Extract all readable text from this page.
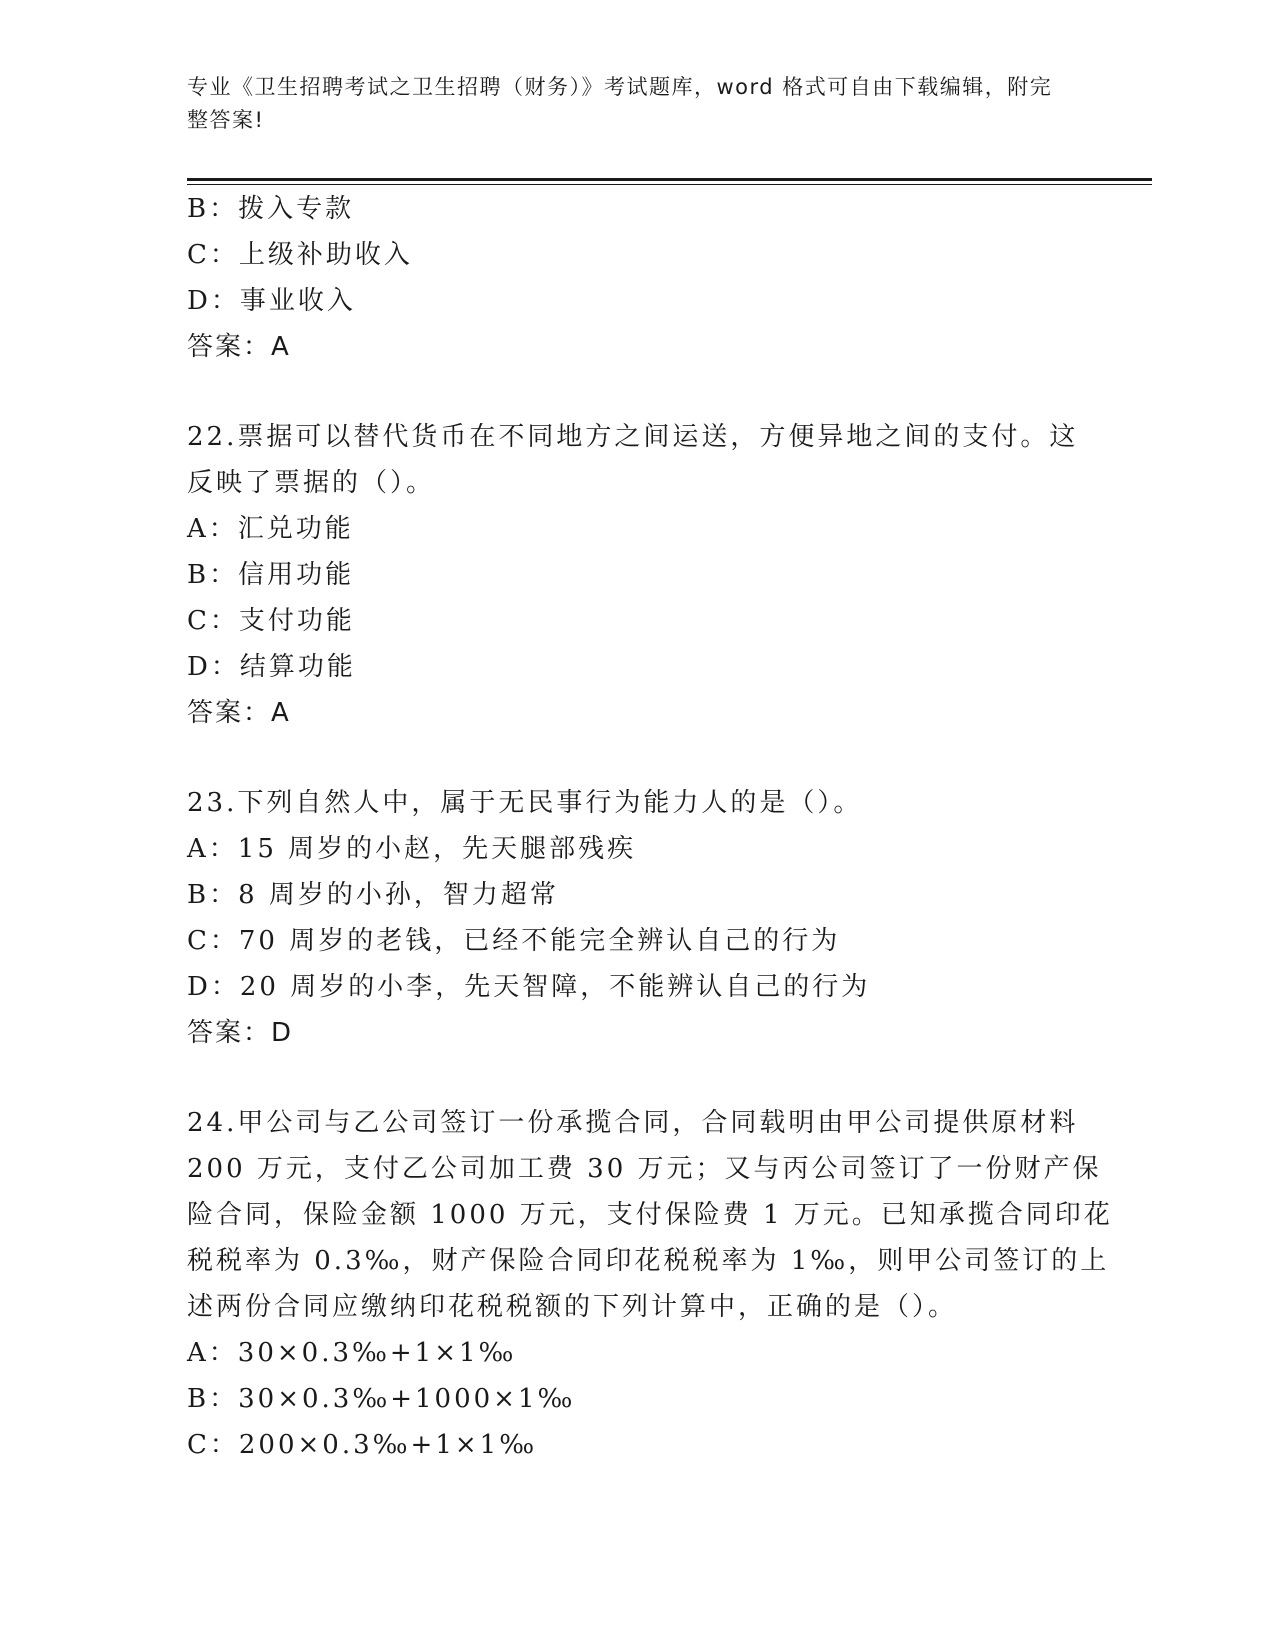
专业《卫生招聘考试之卫生招聘（财务）》考试题库，word 格式可自由下载编辑，附完整答案!

B：拨入专款

C：上级补助收入

D：事业收入

答案：A

22.票据可以替代货币在不同地方之间运送，方便异地之间的支付。这

反映了票据的（）。

A：汇兑功能

B：信用功能

C：支付功能

D：结算功能

答案：A

23.下列自然人中，属于无民事行为能力人的是（）。

A：15 周岁的小赵，先天腿部残疾

B：8 周岁的小孙，智力超常

C：70 周岁的老钱，已经不能完全辨认自己的行为

D：20 周岁的小李，先天智障，不能辨认自己的行为

答案：D

24.甲公司与乙公司签订一份承揽合同，合同载明由甲公司提供原材料

200 万元，支付乙公司加工费 30 万元；又与丙公司签订了一份财产保

险合同，保险金额 1000 万元，支付保险费 1 万元。已知承揽合同印花

税税率为 0.3‰，财产保险合同印花税税率为 1‰，则甲公司签订的上

述两份合同应缴纳印花税税额的下列计算中，正确的是（）。

A：30×0.3‰+1×1‰

B：30×0.3‰+1000×1‰

C：200×0.3‰+1×1‰
